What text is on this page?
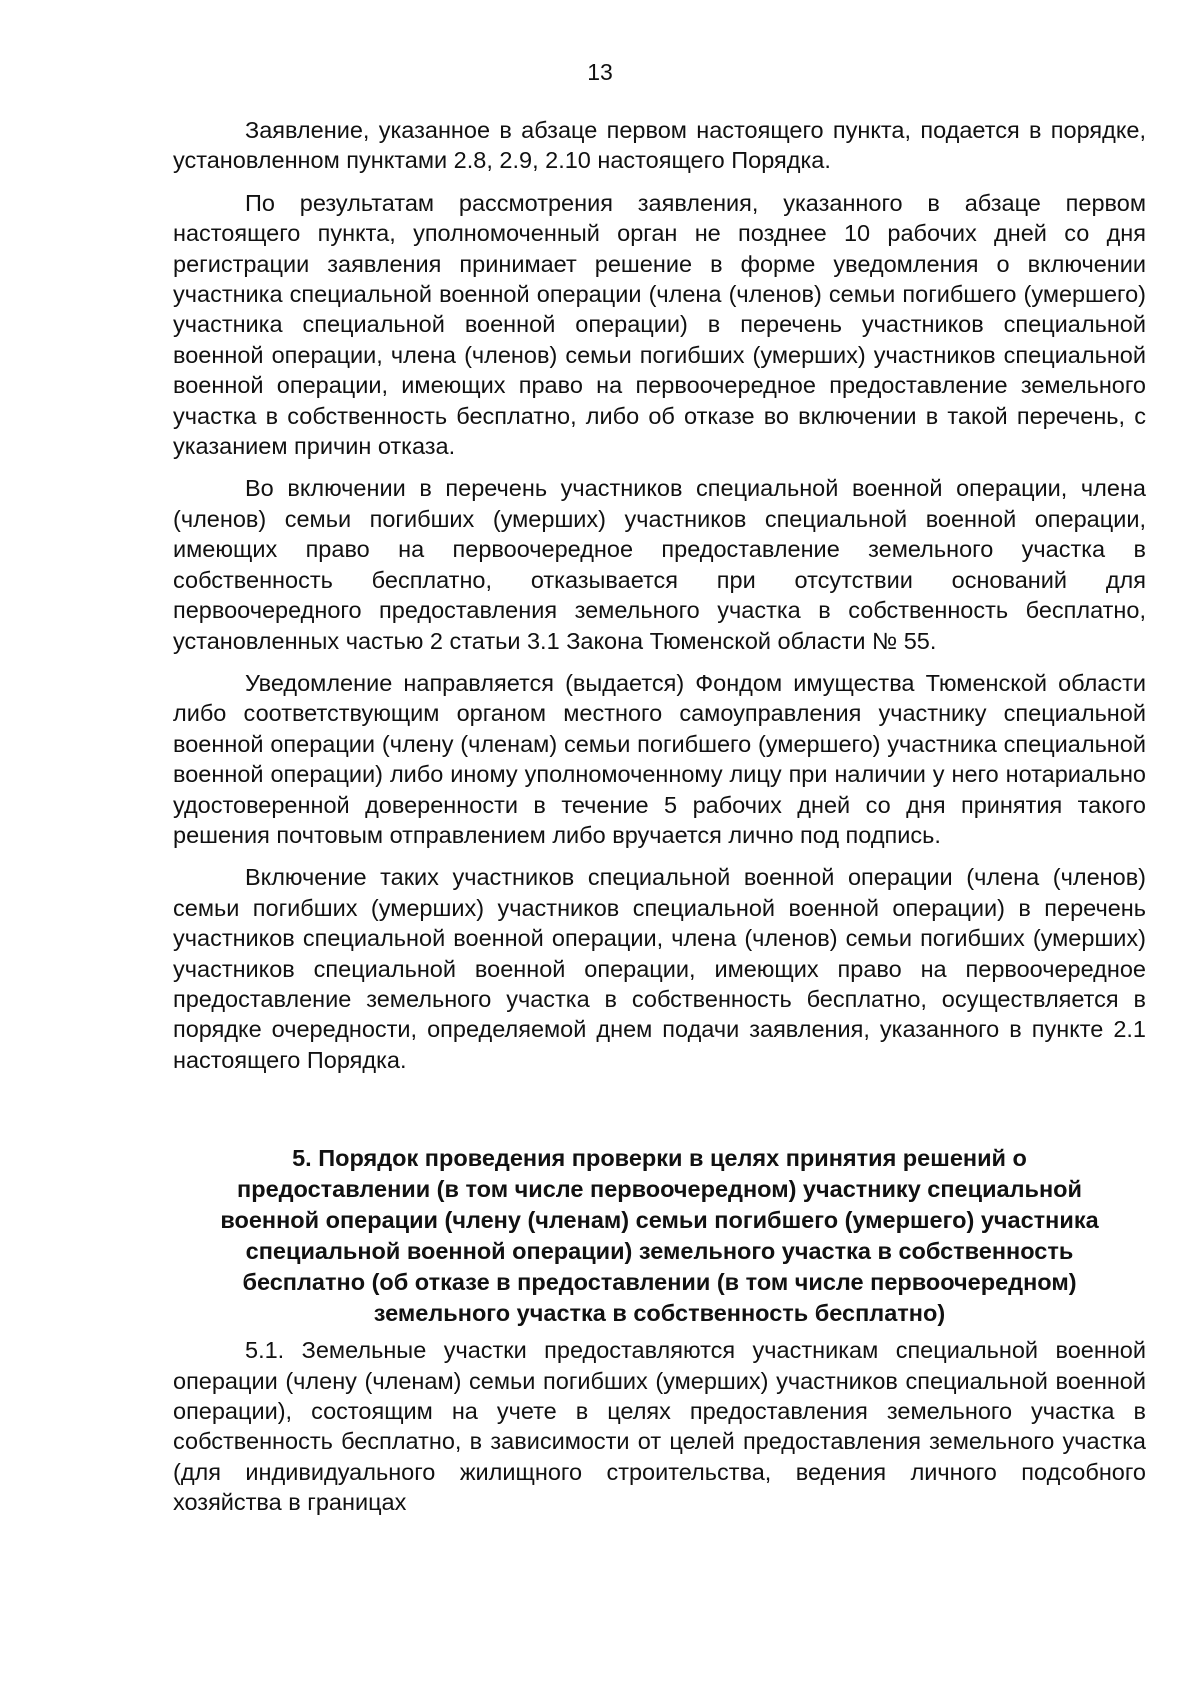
13

Заявление, указанное в абзаце первом настоящего пункта, подается в порядке, установленном пунктами 2.8, 2.9, 2.10 настоящего Порядка.

По результатам рассмотрения заявления, указанного в абзаце первом настоящего пункта, уполномоченный орган не позднее 10 рабочих дней со дня регистрации заявления принимает решение в форме уведомления о включении участника специальной военной операции (члена (членов) семьи погибшего (умершего) участника специальной военной операции) в перечень участников специальной военной операции, члена (членов) семьи погибших (умерших) участников специальной военной операции, имеющих право на первоочередное предоставление земельного участка в собственность бесплатно, либо об отказе во включении в такой перечень, с указанием причин отказа.

Во включении в перечень участников специальной военной операции, члена (членов) семьи погибших (умерших) участников специальной военной операции, имеющих право на первоочередное предоставление земельного участка в собственность бесплатно, отказывается при отсутствии оснований для первоочередного предоставления земельного участка в собственность бесплатно, установленных частью 2 статьи 3.1 Закона Тюменской области № 55.

Уведомление направляется (выдается) Фондом имущества Тюменской области либо соответствующим органом местного самоуправления участнику специальной военной операции (члену (членам) семьи погибшего (умершего) участника специальной военной операции) либо иному уполномоченному лицу при наличии у него нотариально удостоверенной доверенности в течение 5 рабочих дней со дня принятия такого решения почтовым отправлением либо вручается лично под подпись.

Включение таких участников специальной военной операции (члена (членов) семьи погибших (умерших) участников специальной военной операции) в перечень участников специальной военной операции, члена (членов) семьи погибших (умерших) участников специальной военной операции, имеющих право на первоочередное предоставление земельного участка в собственность бесплатно, осуществляется в порядке очередности, определяемой днем подачи заявления, указанного в пункте 2.1 настоящего Порядка.

5. Порядок проведения проверки в целях принятия решений о предоставлении (в том числе первоочередном) участнику специальной военной операции (члену (членам) семьи погибшего (умершего) участника специальной военной операции) земельного участка в собственность бесплатно (об отказе в предоставлении (в том числе первоочередном) земельного участка в собственность бесплатно)

5.1. Земельные участки предоставляются участникам специальной военной операции (члену (членам) семьи погибших (умерших) участников специальной военной операции), состоящим на учете в целях предоставления земельного участка в собственность бесплатно, в зависимости от целей предоставления земельного участка (для индивидуального жилищного строительства, ведения личного подсобного хозяйства в границах
